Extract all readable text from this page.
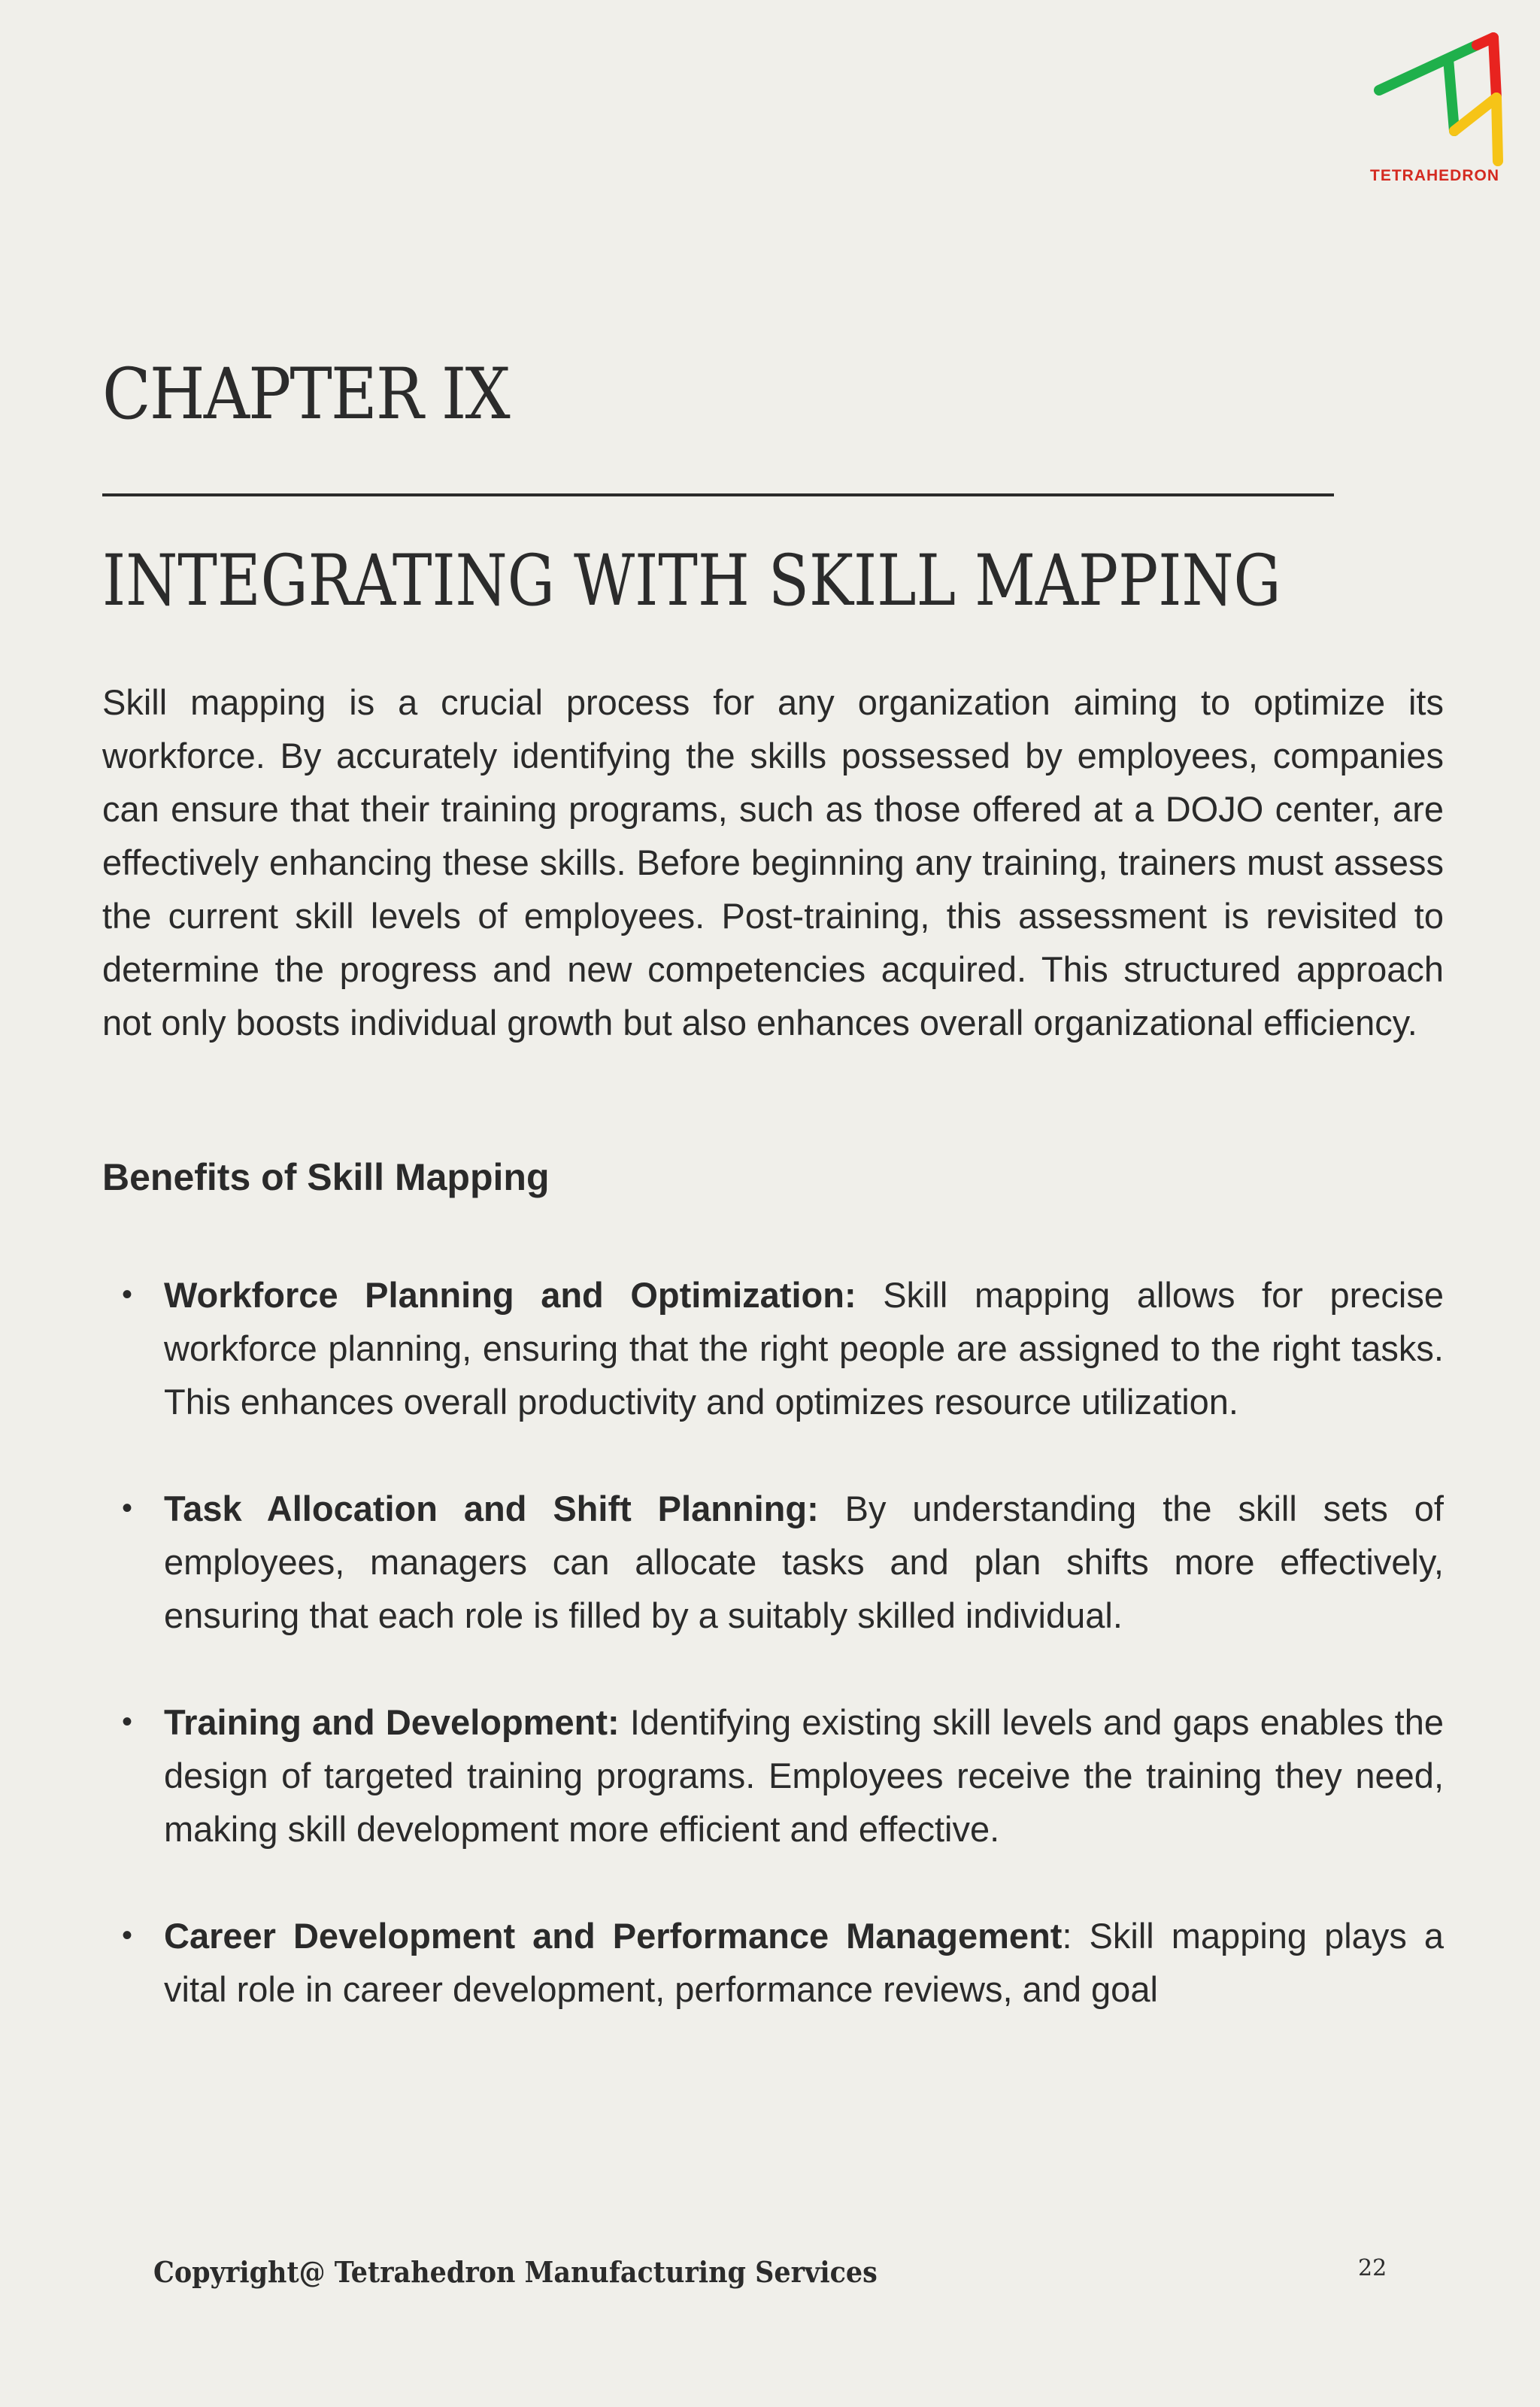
TETRAHEDRON
CHAPTER IX
INTEGRATING WITH SKILL MAPPING

Skill mapping is a crucial process for any organization aiming to optimize its workforce. By accurately identifying the skills possessed by employees, companies can ensure that their training programs, such as those offered at a DOJO center, are effectively enhancing these skills. Before beginning any training, trainers must assess the current skill levels of employees. Post-training, this assessment is revisited to determine the progress and new competencies acquired. This structured approach not only boosts individual growth but also enhances overall organizational efficiency.

Benefits of Skill Mapping
• Workforce Planning and Optimization: Skill mapping allows for precise workforce planning, ensuring that the right people are assigned to the right tasks. This enhances overall productivity and optimizes resource utilization.
• Task Allocation and Shift Planning: By understanding the skill sets of employees, managers can allocate tasks and plan shifts more effectively, ensuring that each role is filled by a suitably skilled individual.
• Training and Development: Identifying existing skill levels and gaps enables the design of targeted training programs. Employees receive the training they need, making skill development more efficient and effective.
• Career Development and Performance Management: Skill mapping plays a vital role in career development, performance reviews, and goal

Copyright@ Tetrahedron Manufacturing Services	22
